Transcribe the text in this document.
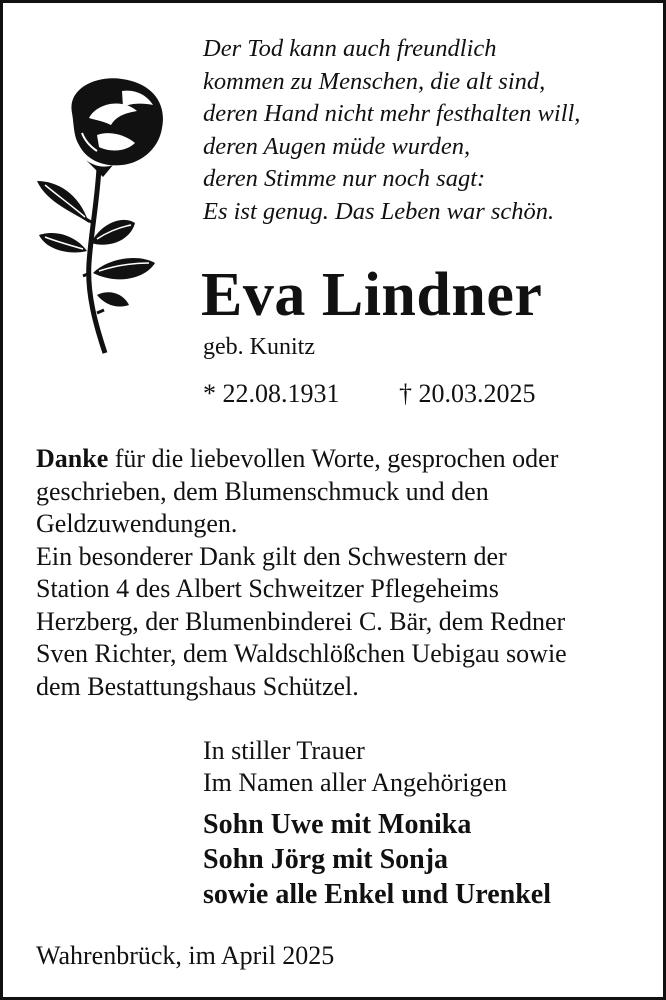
Der Tod kann auch freundlich
kommen zu Menschen, die alt sind,
deren Hand nicht mehr festhalten will,
deren Augen müde wurden,
deren Stimme nur noch sagt:
Es ist genug. Das Leben war schön.
Eva Lindner
geb. Kunitz
* 22.08.1931 † 20.03.2025
Danke für die liebevollen Worte, gesprochen oder
geschrieben, dem Blumenschmuck und den
Geldzuwendungen.
Ein besonderer Dank gilt den Schwestern der
Station 4 des Albert Schweitzer Pflegeheims
Herzberg, der Blumenbinderei C. Bär, dem Redner
Sven Richter, dem Waldschlößchen Uebigau sowie
dem Bestattungshaus Schützel.
In stiller Trauer
Im Namen aller Angehörigen
Sohn Uwe mit Monika
Sohn Jörg mit Sonja
sowie alle Enkel und Urenkel
Wahrenbrück, im April 2025
